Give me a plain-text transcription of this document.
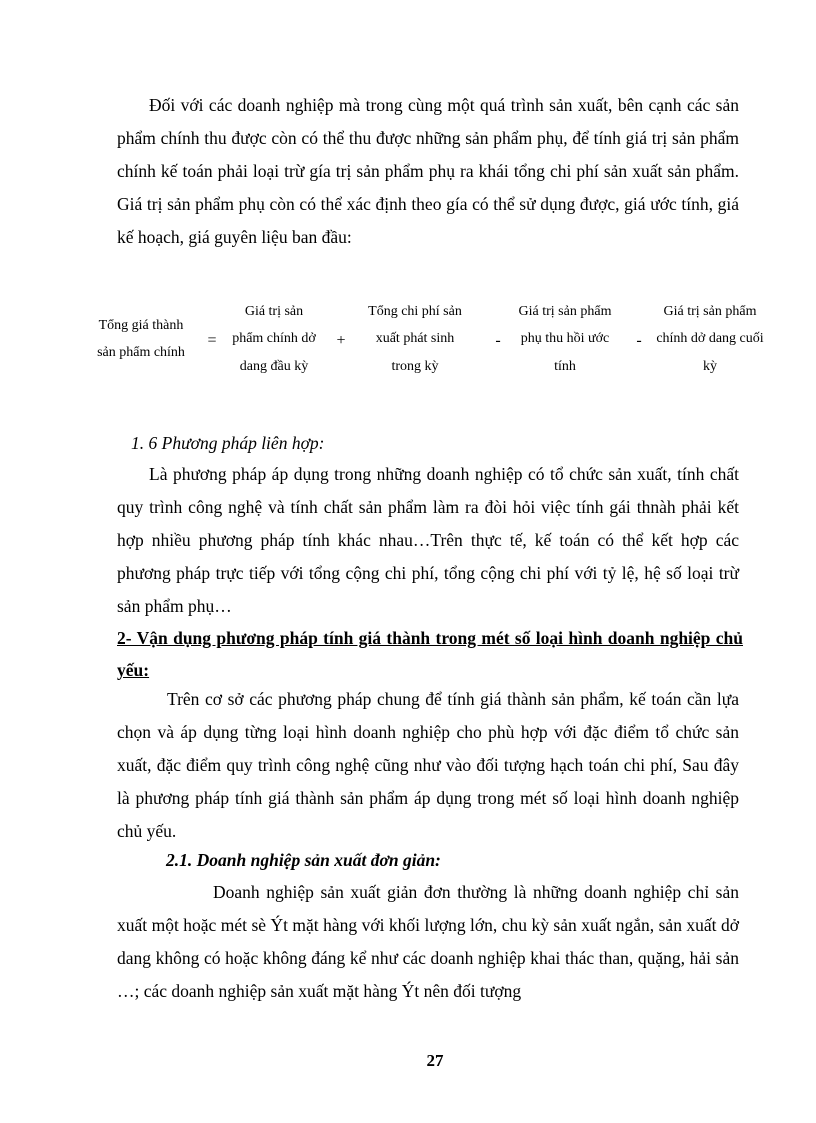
Đối với các doanh nghiệp mà trong cùng một quá trình sản xuất, bên cạnh các sản phẩm chính thu được còn có thể thu được những sản phẩm phụ, để tính giá trị sản phẩm chính kế toán phải loại trừ gía trị sản phẩm phụ ra khái tổng chi phí sản xuất sản phẩm. Giá trị sản phẩm phụ còn có thể xác định theo gía có thể sử dụng được, giá ước tính, giá kế hoạch, giá guyên liệu ban đầu:

Tổng giá thành sản phẩm chính
=
Giá trị sản phẩm chính dở dang đầu kỳ
+
Tổng chi phí sản xuất phát sinh trong kỳ
-
Giá trị sản phẩm phụ thu hồi ước tính
-
Giá trị sản phẩm chính dở dang cuối kỳ

1. 6 Phương pháp liên hợp:

Là phương pháp áp dụng trong những doanh nghiệp có tổ chức sản xuất, tính chất quy trình công nghệ và tính chất sản phẩm làm ra đòi hỏi việc tính gái thnàh phải kết hợp nhiều phương pháp tính khác nhau…Trên thực tế, kế toán có thể kết hợp các phương pháp trực tiếp với tổng cộng chi phí, tổng cộng chi phí với tỷ lệ, hệ số loại trừ sản phẩm phụ…

2- Vận dụng phương pháp tính giá thành trong mét số loại hình doanh nghiệp chủ yếu:

Trên cơ sở các phương pháp chung để tính giá thành sản phẩm, kế toán cần lựa chọn và áp dụng từng loại hình doanh nghiệp cho phù hợp với đặc điểm tổ chức sản xuất, đặc điểm quy trình công nghệ cũng như vào đối tượng hạch toán chi phí, Sau đây là phương pháp tính giá thành sản phẩm áp dụng trong mét số loại hình doanh nghiệp chủ yếu.

2.1. Doanh nghiệp sản xuất đơn giản:

Doanh nghiệp sản xuất giản đơn thường là những doanh nghiệp chỉ sản xuất một hoặc mét sè Ýt mặt hàng với khối lượng lớn, chu kỳ sản xuất ngắn, sản xuất dở dang không có hoặc không đáng kể như các doanh nghiệp khai thác than, quặng, hải sản …; các doanh nghiệp sản xuất mặt hàng Ýt nên đối tượng

27
